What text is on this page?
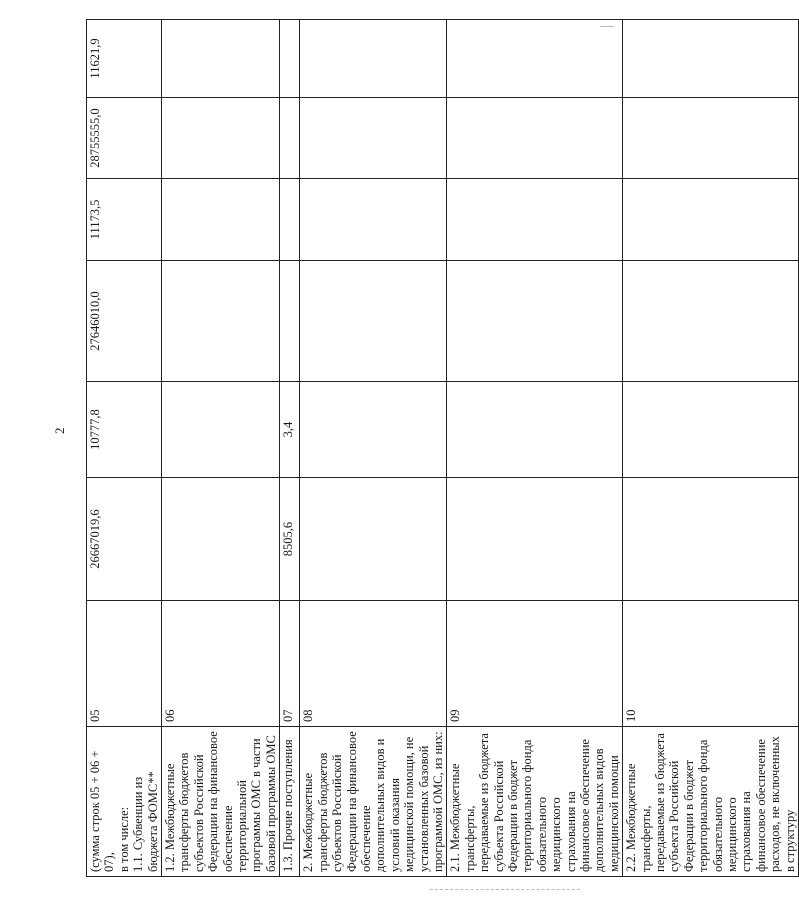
2
(сумма строк 05 + 06 + 07),
в том числе:
1.1. Субвенции из бюджета ФОМС**	05	26667019,6	10777,8	27646010,0	11173,5	28755555,0	11621,9
1.2. Межбюджетные трансферты бюджетов субъектов Российской Федерации на финансовое обеспечение территориальной программы ОМС в части базовой программы ОМС	06						
1.3. Прочие поступления	07	8505,6	3,4				
2. Межбюджетные трансферты бюджетов субъектов Российской Федерации на финансовое обеспечение дополнительных видов и условий оказания медицинской помощи, не установленных базовой программой ОМС, из них:	08						
2.1. Межбюджетные трансферты, передаваемые из бюджета субъекта Российской Федерации в бюджет территориального фонда обязательного медицинского страхования на финансовое обеспечение дополнительных видов медицинской помощи	09						
2.2. Межбюджетные трансферты, передаваемые из бюджета субъекта Российской Федерации в бюджет территориального фонда обязательного медицинского страхования на финансовое обеспечение расходов, не включенных в структуру	10						
